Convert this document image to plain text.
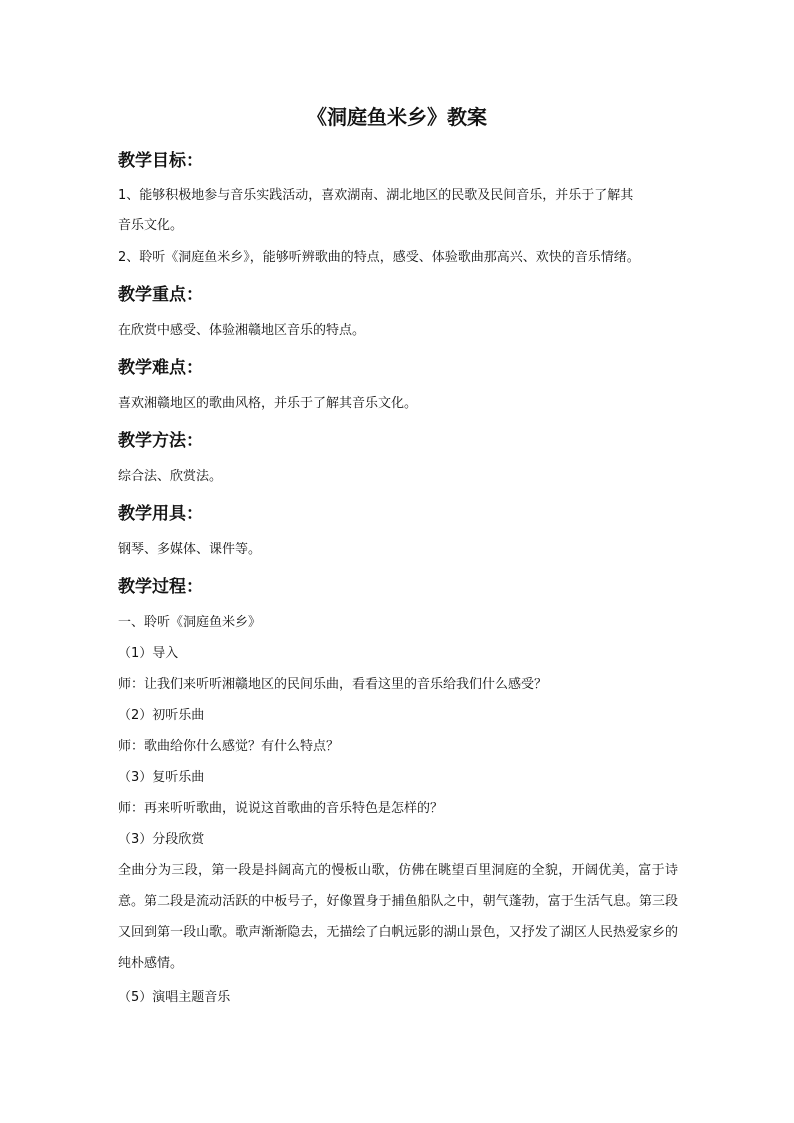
《洞庭鱼米乡》教案
教学目标：
1、能够积极地参与音乐实践活动，喜欢湖南、湖北地区的民歌及民间音乐，并乐于了解其
音乐文化。
2、聆听《洞庭鱼米乡》，能够听辨歌曲的特点，感受、体验歌曲那高兴、欢快的音乐情绪。
教学重点：
在欣赏中感受、体验湘赣地区音乐的特点。
教学难点：
喜欢湘赣地区的歌曲风格，并乐于了解其音乐文化。
教学方法：
综合法、欣赏法。
教学用具：
钢琴、多媒体、课件等。
教学过程：
一、聆听《洞庭鱼米乡》
（1）导入
师：让我们来听听湘赣地区的民间乐曲，看看这里的音乐给我们什么感受？
（2）初听乐曲
师：歌曲给你什么感觉？有什么特点？
（3）复听乐曲
师：再来听听歌曲，说说这首歌曲的音乐特色是怎样的？
（3）分段欣赏
全曲分为三段，第一段是抖阔高亢的慢板山歌，仿佛在眺望百里洞庭的全貌，开阔优美，富于诗意。第二段是流动活跃的中板号子，好像置身于捕鱼船队之中，朝气蓬勃，富于生活气息。第三段又回到第一段山歌。歌声渐渐隐去，无描绘了白帆远影的湖山景色，又抒发了湖区人民热爱家乡的纯朴感情。
（5）演唱主题音乐
